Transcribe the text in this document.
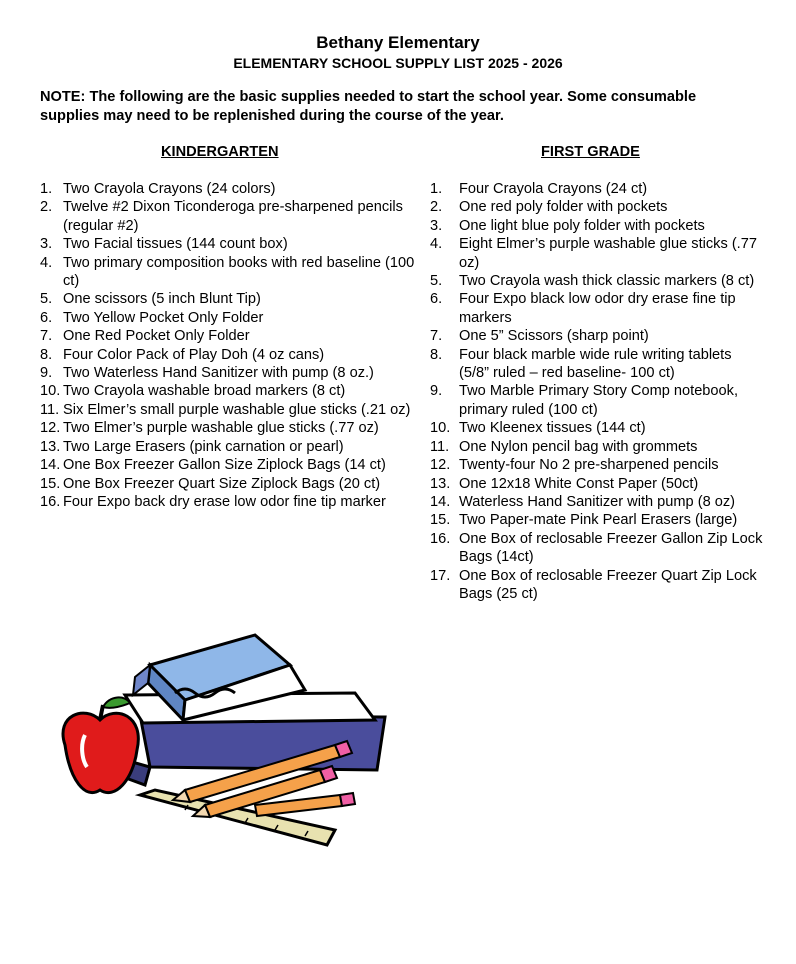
Bethany Elementary
ELEMENTARY SCHOOL SUPPLY LIST 2025 - 2026
NOTE: The following are the basic supplies needed to start the school year. Some consumable supplies may need to be replenished during the course of the year.
KINDERGARTEN	FIRST GRADE
1. Two Crayola Crayons (24 colors)
2. Twelve #2 Dixon Ticonderoga pre-sharpened pencils (regular #2)
3. Two Facial tissues (144 count box)
4. Two primary composition books with red baseline (100 ct)
5. One scissors (5 inch Blunt Tip)
6. Two Yellow Pocket Only Folder
7. One Red Pocket Only Folder
8. Four Color Pack of Play Doh (4 oz cans)
9. Two Waterless Hand Sanitizer with pump (8 oz.)
10. Two Crayola washable broad markers (8 ct)
11. Six Elmer’s small purple washable glue sticks (.21 oz)
12. Two Elmer’s purple washable glue sticks (.77 oz)
13. Two Large Erasers (pink carnation or pearl)
14. One Box Freezer Gallon Size Ziplock Bags (14 ct)
15. One Box Freezer Quart Size Ziplock Bags (20 ct)
16. Four Expo back dry erase low odor fine tip marker
1. Four Crayola Crayons (24 ct)
2. One red poly folder with pockets
3. One light blue poly folder with pockets
4. Eight Elmer’s purple washable glue sticks (.77 oz)
5. Two Crayola wash thick classic markers (8 ct)
6. Four Expo black low odor dry erase fine tip markers
7. One 5” Scissors (sharp point)
8. Four black marble wide rule writing tablets (5/8” ruled – red baseline- 100 ct)
9. Two Marble Primary Story Comp notebook, primary ruled (100 ct)
10. Two Kleenex tissues (144 ct)
11. One Nylon pencil bag with grommets
12. Twenty-four No 2 pre-sharpened pencils
13. One 12x18 White Const Paper (50ct)
14. Waterless Hand Sanitizer with pump (8 oz)
15. Two Paper-mate Pink Pearl Erasers (large)
16. One Box of reclosable Freezer Gallon Zip Lock Bags (14ct)
17. One Box of reclosable Freezer Quart Zip Lock Bags (25 ct)
